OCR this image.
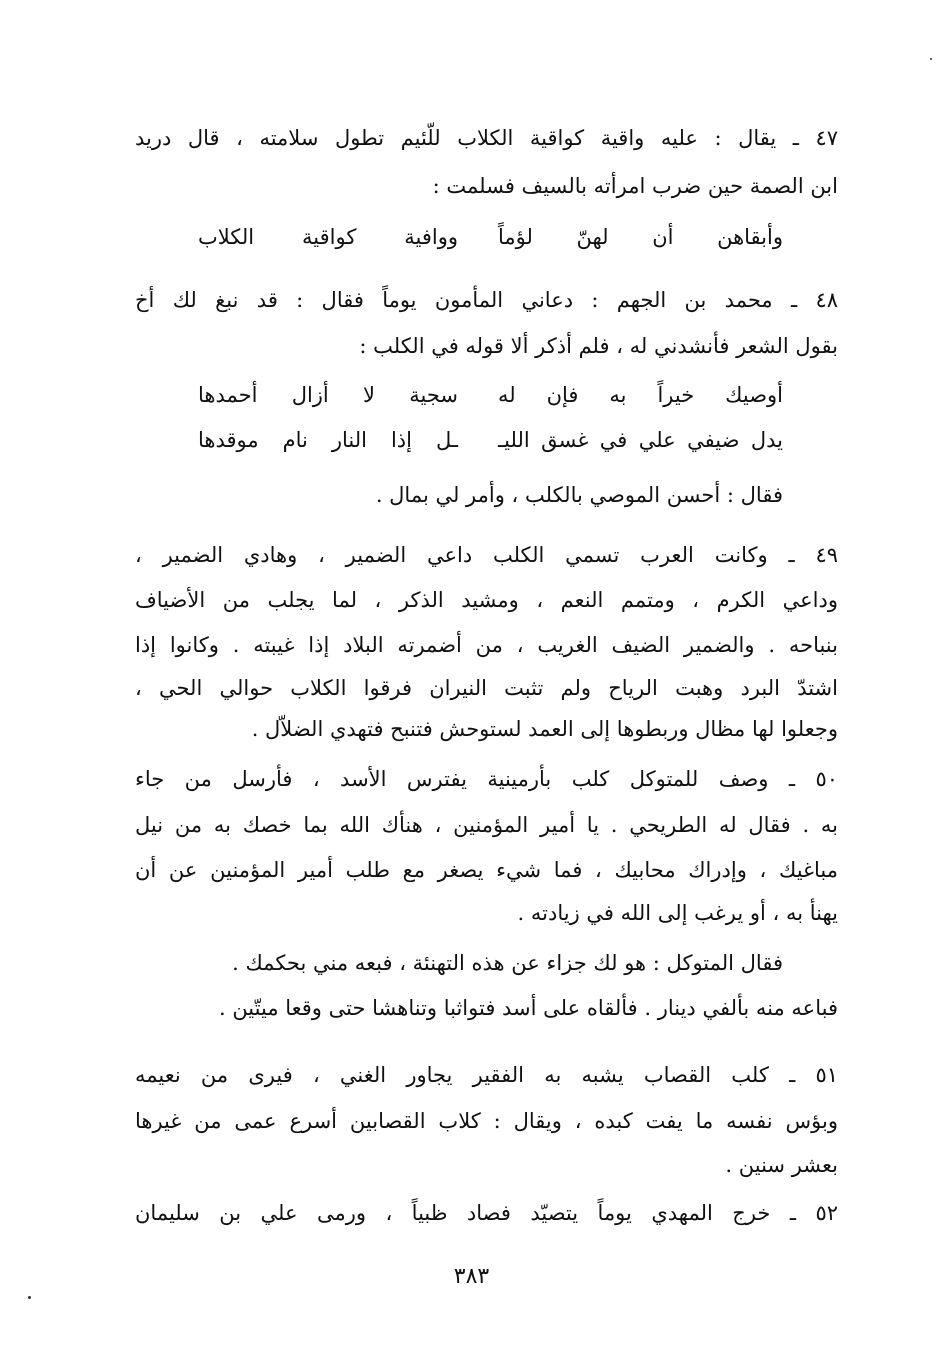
٤٧ ـ يقال : عليه واقية كواقية الكلاب للّئيم تطول سلامته ، قال دريد
ابن الصمة حين ضرب امرأته بالسيف فسلمت :
وأبقاهن أن لهنّ لؤماً
ووافية كواقية الكلاب
٤٨ ـ محمد بن الجهم : دعاني المأمون يوماً فقال : قد نبغ لك أخ
بقول الشعر فأنشدني له ، فلم أذكر ألا قوله في الكلب :
أوصيك خيراً به فإن له
سجية لا أزال أحمدها
يدل ضيفي علي في غسق الليـ
ـل إذا النار نام موقدها
فقال : أحسن الموصي بالكلب ، وأمر لي بمال .
٤٩ ـ وكانت العرب تسمي الكلب داعي الضمير ، وهادي الضمير ،
وداعي الكرم ، ومتمم النعم ، ومشيد الذكر ، لما يجلب من الأضياف
بنباحه . والضمير الضيف الغريب ، من أضمرته البلاد إذا غيبته . وكانوا إذا
اشتدّ البرد وهبت الرياح ولم تثبت النيران فرقوا الكلاب حوالي الحي ،
وجعلوا لها مظال وربطوها إلى العمد لستوحش فتنبح فتهدي الضلاّل .
٥٠ ـ وصف للمتوكل كلب بأرمينية يفترس الأسد ، فأرسل من جاء
به . فقال له الطريحي . يا أمير المؤمنين ، هنأك الله بما خصك به من نيل
مباغيك ، وإدراك محابيك ، فما شيء يصغر مع طلب أمير المؤمنين عن أن
يهنأ به ، أو يرغب إلى الله في زيادته .
فقال المتوكل : هو لك جزاء عن هذه التهنئة ، فبعه مني بحكمك .
فباعه منه بألفي دينار . فألقاه على أسد فتواثبا وتناهشا حتى وقعا ميتّين .
٥١ ـ كلب القصاب يشبه به الفقير يجاور الغني ، فيرى من نعيمه
وبؤس نفسه ما يفت كبده ، ويقال : كلاب القصابين أسرع عمى من غيرها
بعشر سنين .
٥٢ ـ خرج المهدي يوماً يتصيّد فصاد ظبياً ، ورمى علي بن سليمان
٣٨٣
